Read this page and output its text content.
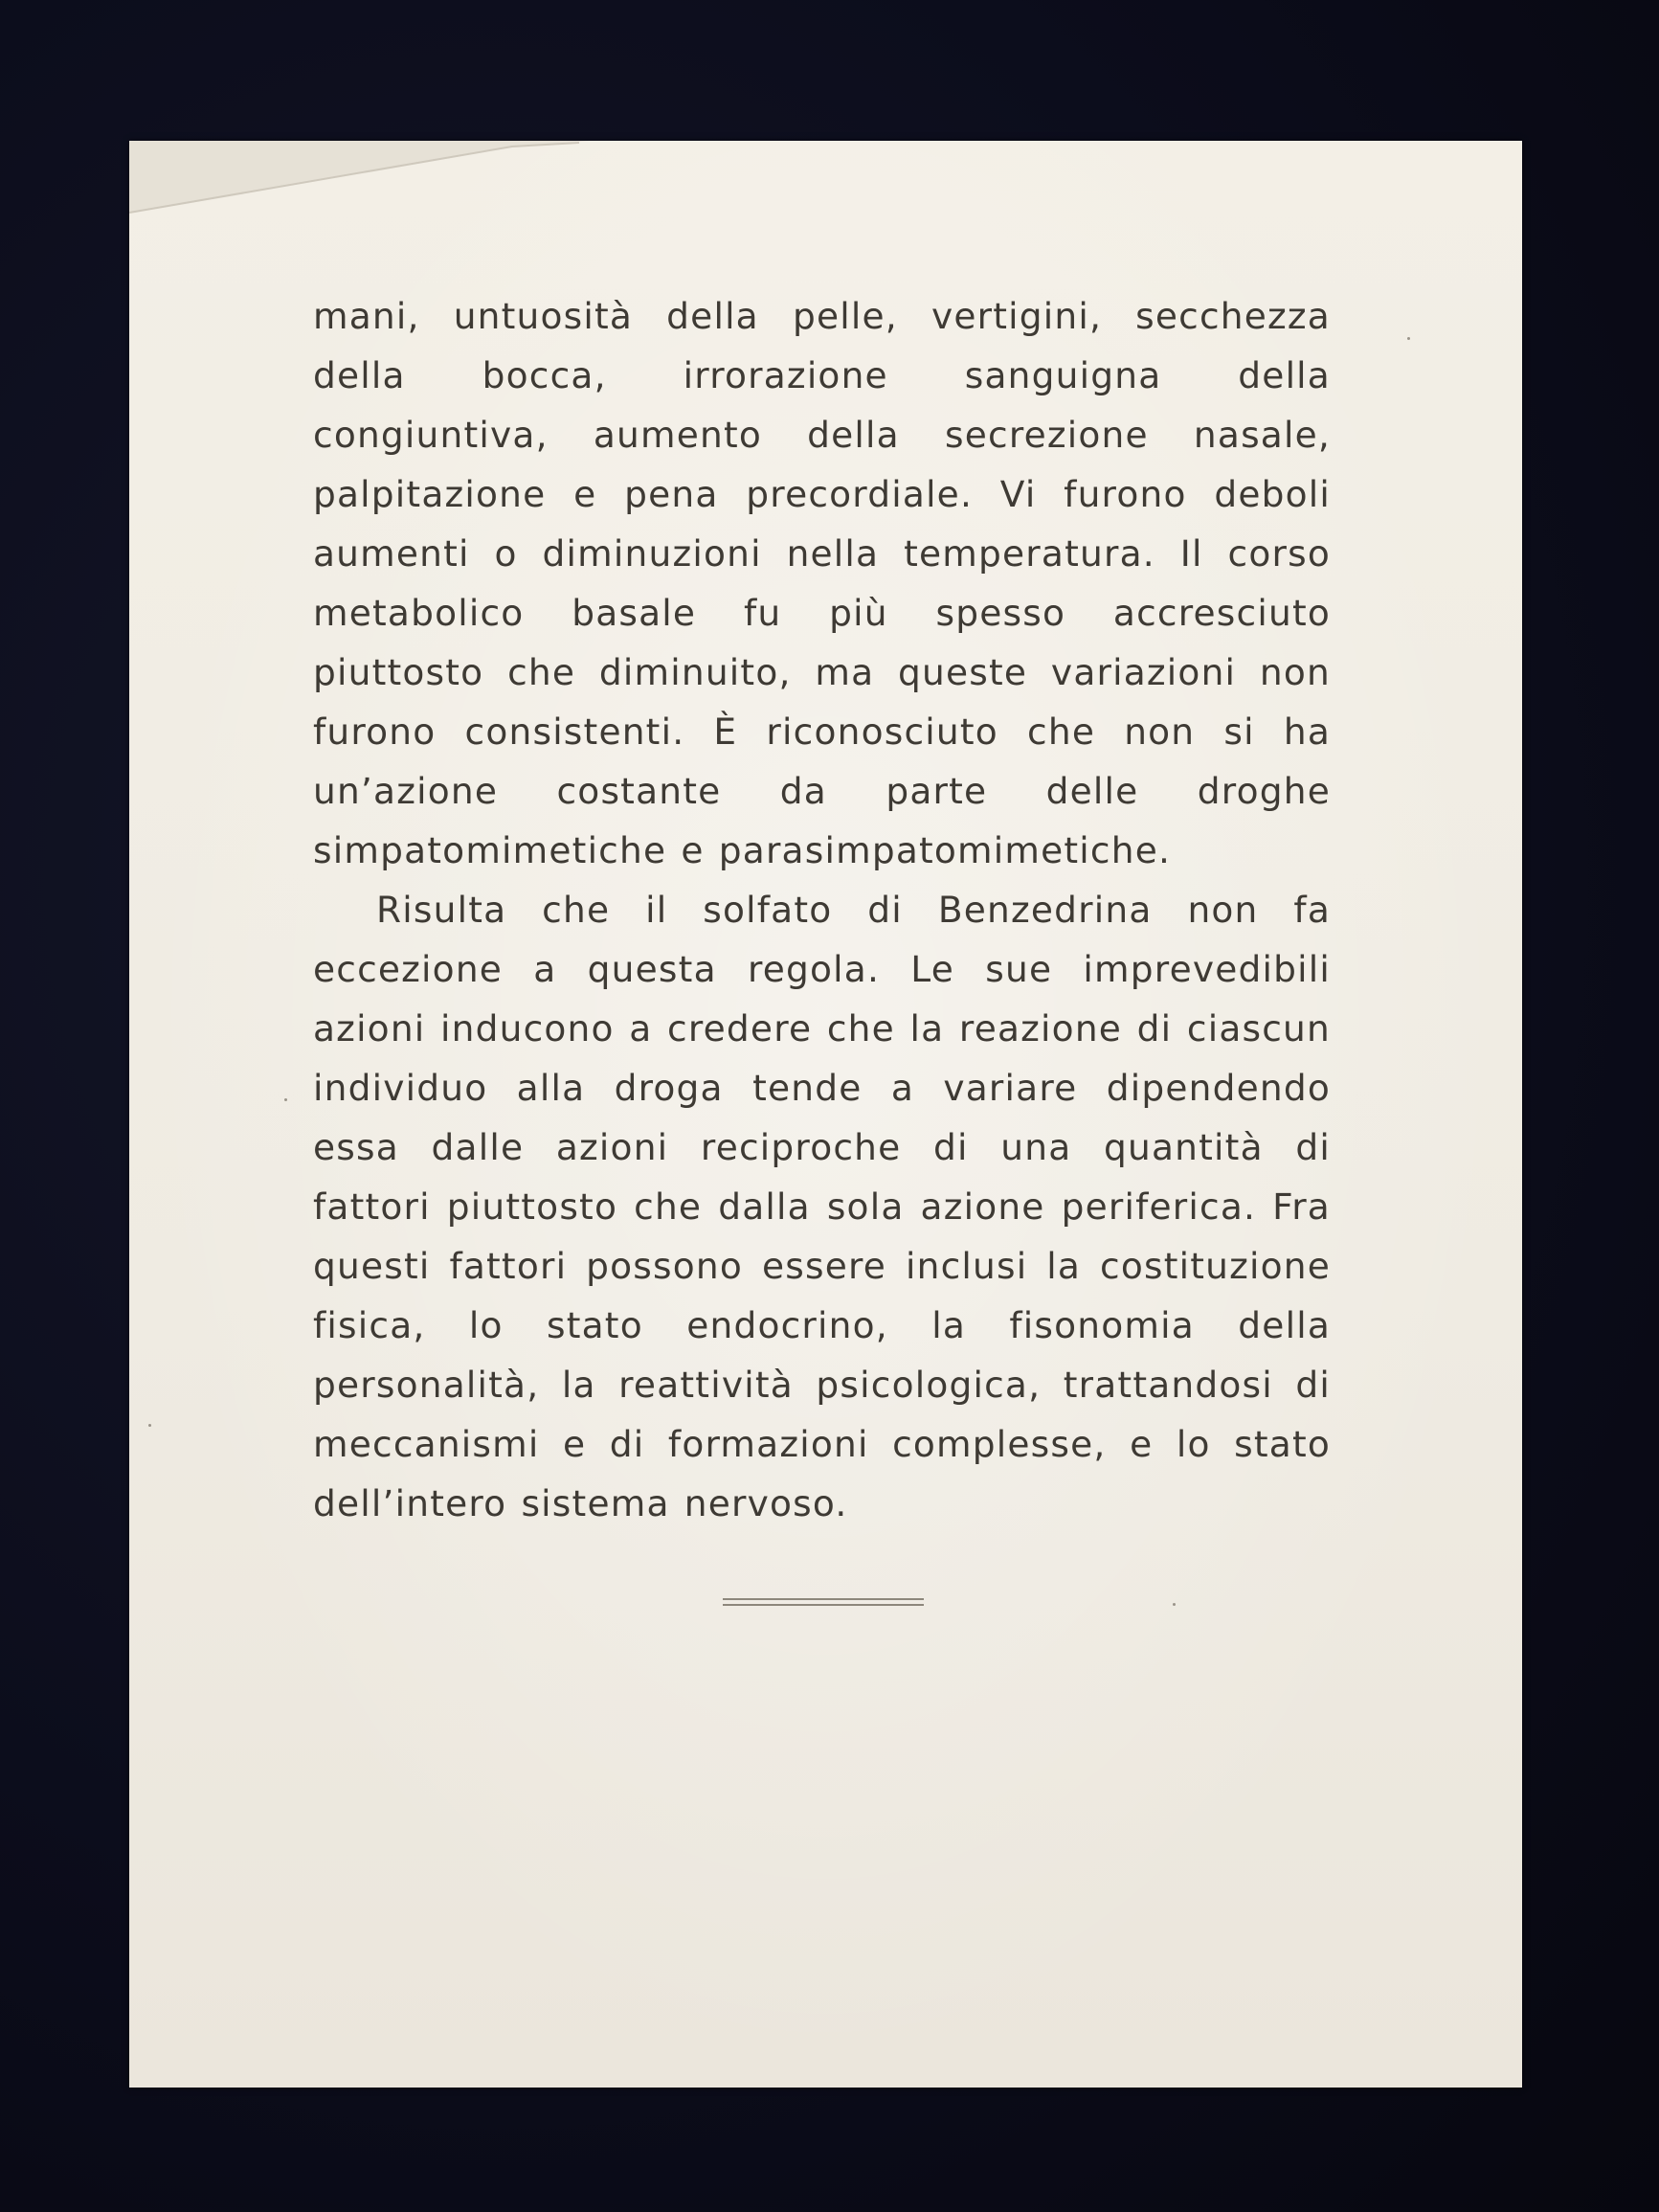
mani, untuosità della pelle, vertigini, secchezza della bocca, irrorazione sanguigna della congiuntiva, aumento della secrezione nasale, palpitazione e pena precordiale. Vi furono deboli aumenti o diminuzioni nella temperatura. Il corso metabolico basale fu più spesso accresciuto piuttosto che diminuito, ma queste variazioni non furono consistenti. È riconosciuto che non si ha un’azione costante da parte delle droghe simpatomimetiche e parasimpatomimetiche.

Risulta che il solfato di Benzedrina non fa eccezione a questa regola. Le sue imprevedibili azioni inducono a credere che la reazione di ciascun individuo alla droga tende a variare dipendendo essa dalle azioni reciproche di una quantità di fattori piuttosto che dalla sola azione periferica. Fra questi fattori possono essere inclusi la costituzione fisica, lo stato endocrino, la fisonomia della personalità, la reattività psicologica, trattandosi di meccanismi e di formazioni complesse, e lo stato dell’intero sistema nervoso.
